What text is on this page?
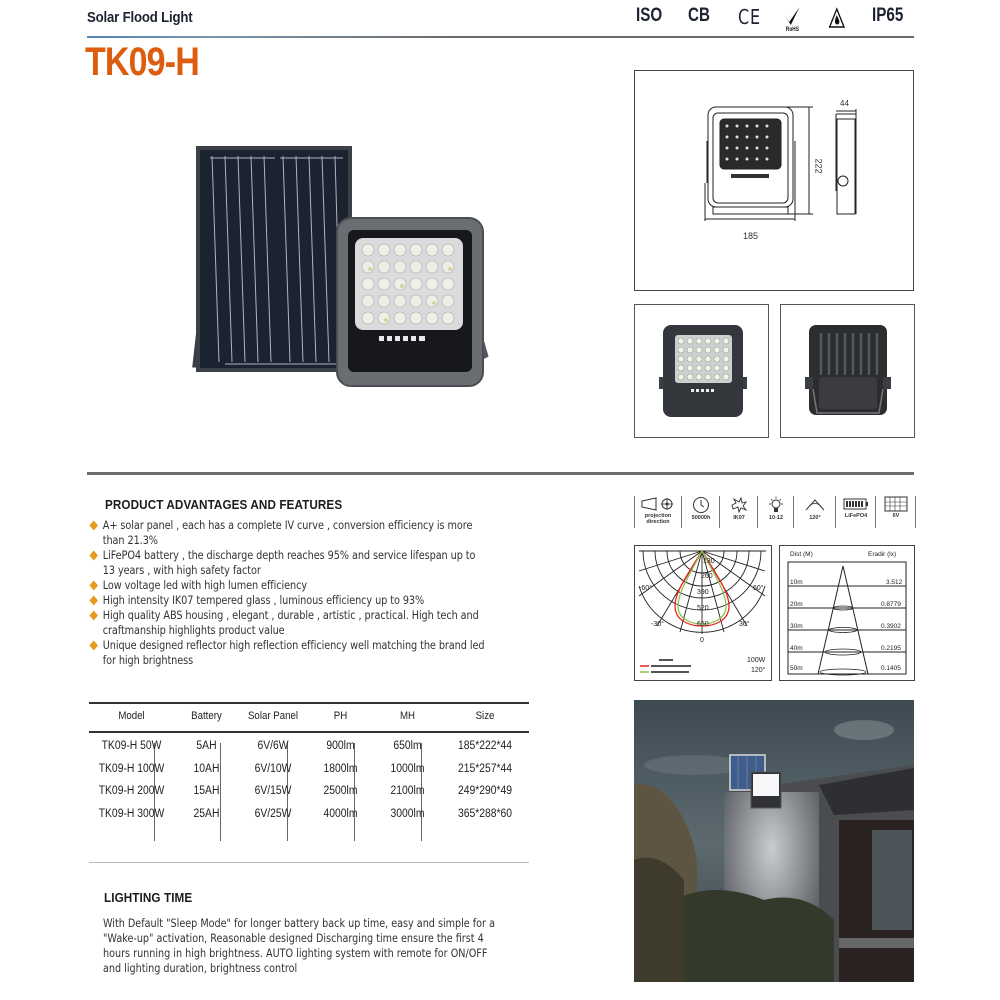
Solar Flood Light
TK09-H
ISO CB CE
RoHS
IP65
185
222
44
PRODUCT ADVANTAGES AND FEATURES
A+ solar panel , each has a complete IV curve , conversion efficiency is more than 21.3%
LiFePO4 battery , the discharge depth reaches 95% and service lifespan up to 13 years , with high safety factor
Low voltage led with high lumen efficiency
High intensity IK07 tempered glass , luminous efficiency up to 93%
High quality ABS housing , elegant , durable , artistic , practical. High tech and craftmanship highlights product value
Unique designed reflector high reflection efficiency well matching the brand led for high brightness
projection direction
50000h	IK07	10-12	120°	LiFePO4	6V
130
260
390
520
650
-60°	60°
-30°	30°
0
100W
120°
Dist (M)	Eradir (lx)
10m	3.512
20m	0.8779
30m	0.3902
40m	0.2195
50m	0.1405
Model	Battery	Solar Panel	PH	MH	Size
TK09-H 50W	5AH	6V/6W	900lm	650lm	185*222*44
TK09-H 100W	10AH	6V/10W	1800lm	1000lm	215*257*44
TK09-H 200W	15AH	6V/15W	2500lm	2100lm	249*290*49
TK09-H 300W	25AH	6V/25W	4000lm	3000lm	365*288*60
LIGHTING TIME

With Default "Sleep Mode" for longer battery back up time, easy and simple for a "Wake-up" activation, Reasonable designed Discharging time ensure the first 4 hours running in high brightness. AUTO lighting system with remote for ON/OFF and lighting duration, brightness control
